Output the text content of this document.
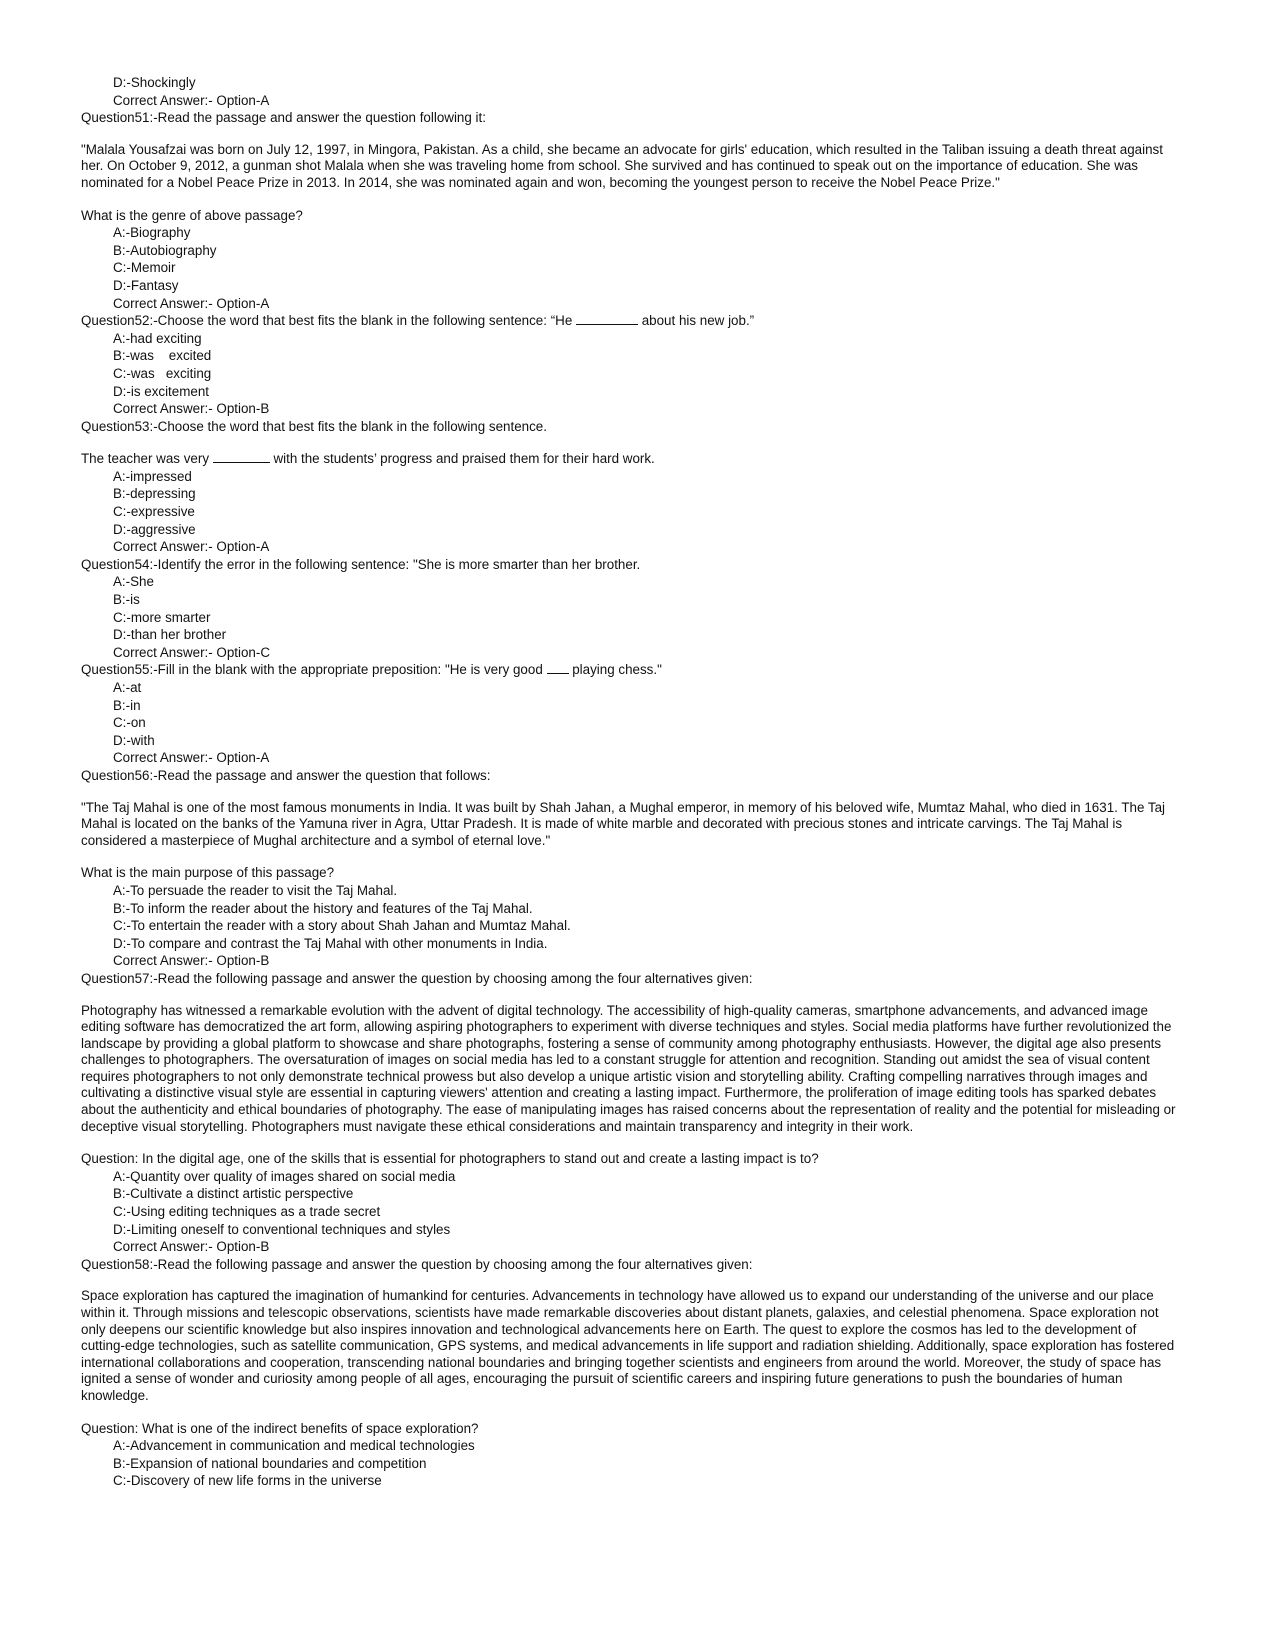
D:-Shockingly

Correct Answer:- Option-A

Question51:-Read the passage and answer the question following it:

"Malala Yousafzai was born on July 12, 1997, in Mingora, Pakistan. As a child, she became an advocate for girls' education, which resulted in the Taliban issuing a death threat against her. On October 9, 2012, a gunman shot Malala when she was traveling home from school. She survived and has continued to speak out on the importance of education. She was nominated for a Nobel Peace Prize in 2013. In 2014, she was nominated again and won, becoming the youngest person to receive the Nobel Peace Prize."

What is the genre of above passage?

A:-Biography

B:-Autobiography

C:-Memoir

D:-Fantasy

Correct Answer:- Option-A

Question52:-Choose the word that best fits the blank in the following sentence: “He	about his new job.”

A:-had exciting

B:-was    excited

C:-was   exciting

D:-is excitement

Correct Answer:- Option-B

Question53:-Choose the word that best fits the blank in the following sentence.

The teacher was very	with the students’ progress and praised them for their hard work.

A:-impressed

B:-depressing

C:-expressive

D:-aggressive

Correct Answer:- Option-A

Question54:-Identify the error in the following sentence: "She is more smarter than her brother.

A:-She

B:-is

C:-more smarter

D:-than her brother

Correct Answer:- Option-C

Question55:-Fill in the blank with the appropriate preposition: "He is very good  playing chess."

A:-at

B:-in

C:-on

D:-with

Correct Answer:- Option-A

Question56:-Read the passage and answer the question that follows:

"The Taj Mahal is one of the most famous monuments in India. It was built by Shah Jahan, a Mughal emperor, in memory of his beloved wife, Mumtaz Mahal, who died in 1631. The Taj Mahal is located on the banks of the Yamuna river in Agra, Uttar Pradesh. It is made of white marble and decorated with precious stones and intricate carvings. The Taj Mahal is considered a masterpiece of Mughal architecture and a symbol of eternal love."

What is the main purpose of this passage?

A:-To persuade the reader to visit the Taj Mahal.

B:-To inform the reader about the history and features of the Taj Mahal.

C:-To entertain the reader with a story about Shah Jahan and Mumtaz Mahal.

D:-To compare and contrast the Taj Mahal with other monuments in India.

Correct Answer:- Option-B

Question57:-Read the following passage and answer the question by choosing among the four alternatives given:

Photography has witnessed a remarkable evolution with the advent of digital technology. The accessibility of high-quality cameras, smartphone advancements, and advanced image editing software has democratized the art form, allowing aspiring photographers to experiment with diverse techniques and styles. Social media platforms have further revolutionized the landscape by providing a global platform to showcase and share photographs, fostering a sense of community among photography enthusiasts. However, the digital age also presents challenges to photographers. The oversaturation of images on social media has led to a constant struggle for attention and recognition. Standing out amidst the sea of visual content requires photographers to not only demonstrate technical prowess but also develop a unique artistic vision and storytelling ability. Crafting compelling narratives through images and cultivating a distinctive visual style are essential in capturing viewers' attention and creating a lasting impact. Furthermore, the proliferation of image editing tools has sparked debates about the authenticity and ethical boundaries of photography. The ease of manipulating images has raised concerns about the representation of reality and the potential for misleading or deceptive visual storytelling. Photographers must navigate these ethical considerations and maintain transparency and integrity in their work.

Question: In the digital age, one of the skills that is essential for photographers to stand out and create a lasting impact is to?

A:-Quantity over quality of images shared on social media

B:-Cultivate a distinct artistic perspective

C:-Using editing techniques as a trade secret

D:-Limiting oneself to conventional techniques and styles

Correct Answer:- Option-B

Question58:-Read the following passage and answer the question by choosing among the four alternatives given:

Space exploration has captured the imagination of humankind for centuries. Advancements in technology have allowed us to expand our understanding of the universe and our place within it. Through missions and telescopic observations, scientists have made remarkable discoveries about distant planets, galaxies, and celestial phenomena. Space exploration not only deepens our scientific knowledge but also inspires innovation and technological advancements here on Earth. The quest to explore the cosmos has led to the development of cutting-edge technologies, such as satellite communication, GPS systems, and medical advancements in life support and radiation shielding. Additionally, space exploration has fostered international collaborations and cooperation, transcending national boundaries and bringing together scientists and engineers from around the world. Moreover, the study of space has ignited a sense of wonder and curiosity among people of all ages, encouraging the pursuit of scientific careers and inspiring future generations to push the boundaries of human knowledge.

Question: What is one of the indirect benefits of space exploration?

A:-Advancement in communication and medical technologies

B:-Expansion of national boundaries and competition

C:-Discovery of new life forms in the universe
